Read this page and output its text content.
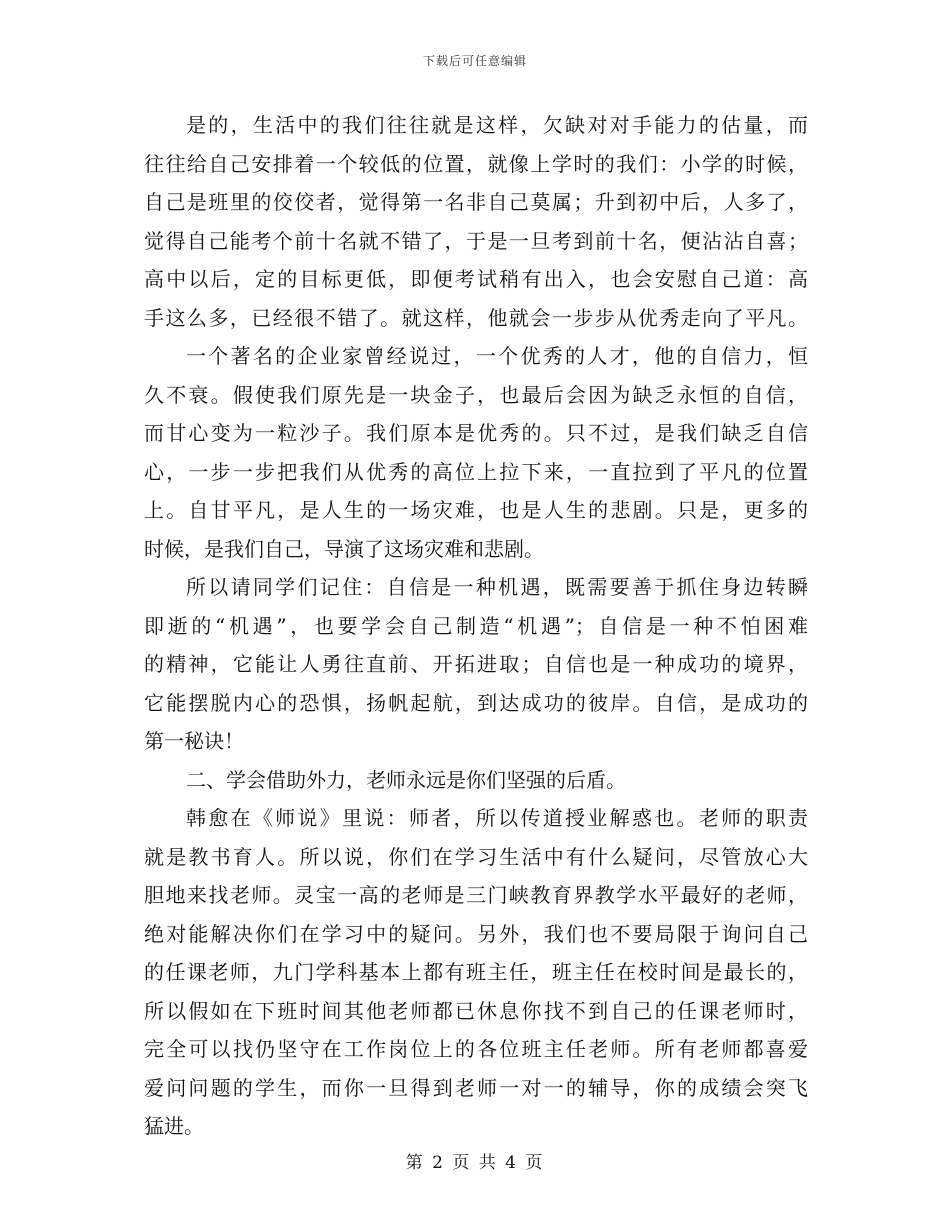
下载后可任意编辑
是的，生活中的我们往往就是这样，欠缺对对手能力的估量，而
往往给自己安排着一个较低的位置，就像上学时的我们：小学的时候，
自己是班里的佼佼者，觉得第一名非自己莫属；升到初中后，人多了，
觉得自己能考个前十名就不错了，于是一旦考到前十名，便沾沾自喜；
高中以后，定的目标更低，即便考试稍有出入，也会安慰自己道：高
手这么多，已经很不错了。就这样，他就会一步步从优秀走向了平凡。
一个著名的企业家曾经说过，一个优秀的人才，他的自信力，恒
久不衰。假使我们原先是一块金子，也最后会因为缺乏永恒的自信，
而甘心变为一粒沙子。我们原本是优秀的。只不过，是我们缺乏自信
心，一步一步把我们从优秀的高位上拉下来，一直拉到了平凡的位置
上。自甘平凡，是人生的一场灾难，也是人生的悲剧。只是，更多的
时候，是我们自己，导演了这场灾难和悲剧。
所以请同学们记住：自信是一种机遇，既需要善于抓住身边转瞬
即逝的“机遇”，也要学会自己制造“机遇”；自信是一种不怕困难
的精神，它能让人勇往直前、开拓进取；自信也是一种成功的境界，
它能摆脱内心的恐惧，扬帆起航，到达成功的彼岸。自信，是成功的
第一秘诀！
二、学会借助外力，老师永远是你们坚强的后盾。
韩愈在《师说》里说：师者，所以传道授业解惑也。老师的职责
就是教书育人。所以说，你们在学习生活中有什么疑问，尽管放心大
胆地来找老师。灵宝一高的老师是三门峡教育界教学水平最好的老师，
绝对能解决你们在学习中的疑问。另外，我们也不要局限于询问自己
的任课老师，九门学科基本上都有班主任，班主任在校时间是最长的，
所以假如在下班时间其他老师都已休息你找不到自己的任课老师时，
完全可以找仍坚守在工作岗位上的各位班主任老师。所有老师都喜爱
爱问问题的学生，而你一旦得到老师一对一的辅导，你的成绩会突飞
猛进。
第 2 页 共 4 页
